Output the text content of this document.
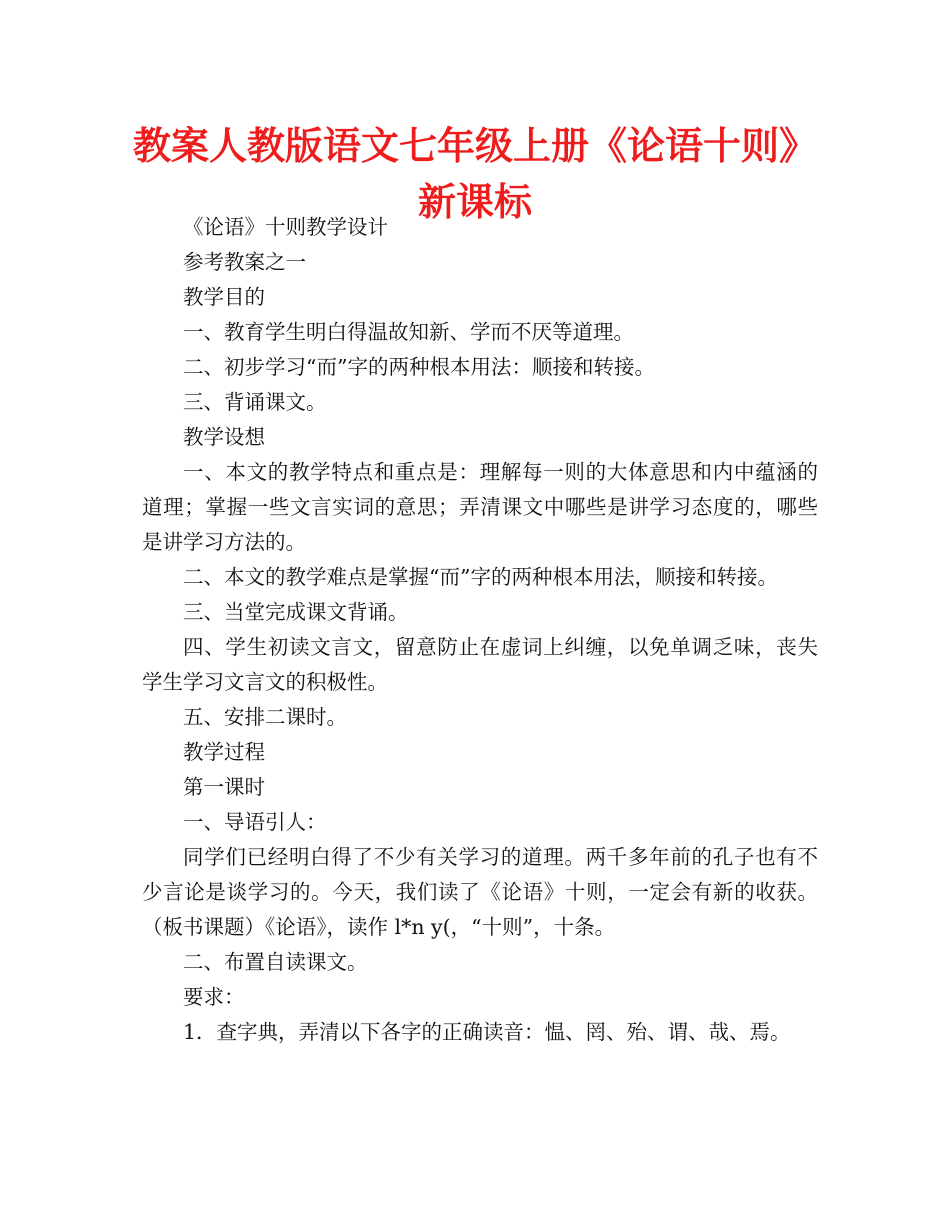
教案人教版语文七年级上册《论语十则》新课标

《论语》十则教学设计

参考教案之一

教学目的

一、教育学生明白得温故知新、学而不厌等道理。

二、初步学习“而”字的两种根本用法：顺接和转接。

三、背诵课文。

教学设想

一、本文的教学特点和重点是：理解每一则的大体意思和内中蕴涵的道理；掌握一些文言实词的意思；弄清课文中哪些是讲学习态度的，哪些是讲学习方法的。

二、本文的教学难点是掌握“而”字的两种根本用法，顺接和转接。

三、当堂完成课文背诵。

四、学生初读文言文，留意防止在虚词上纠缠，以免单调乏味，丧失学生学习文言文的积极性。

五、安排二课时。

教学过程

第一课时

一、导语引人：

同学们已经明白得了不少有关学习的道理。两千多年前的孔子也有不少言论是谈学习的。今天，我们读了《论语》十则，一定会有新的收获。（板书课题）《论语》，读作 l*n y(，“十则”，十条。

二、布置自读课文。

要求：

1．查字典，弄清以下各字的正确读音：愠、罔、殆、谓、哉、焉。
